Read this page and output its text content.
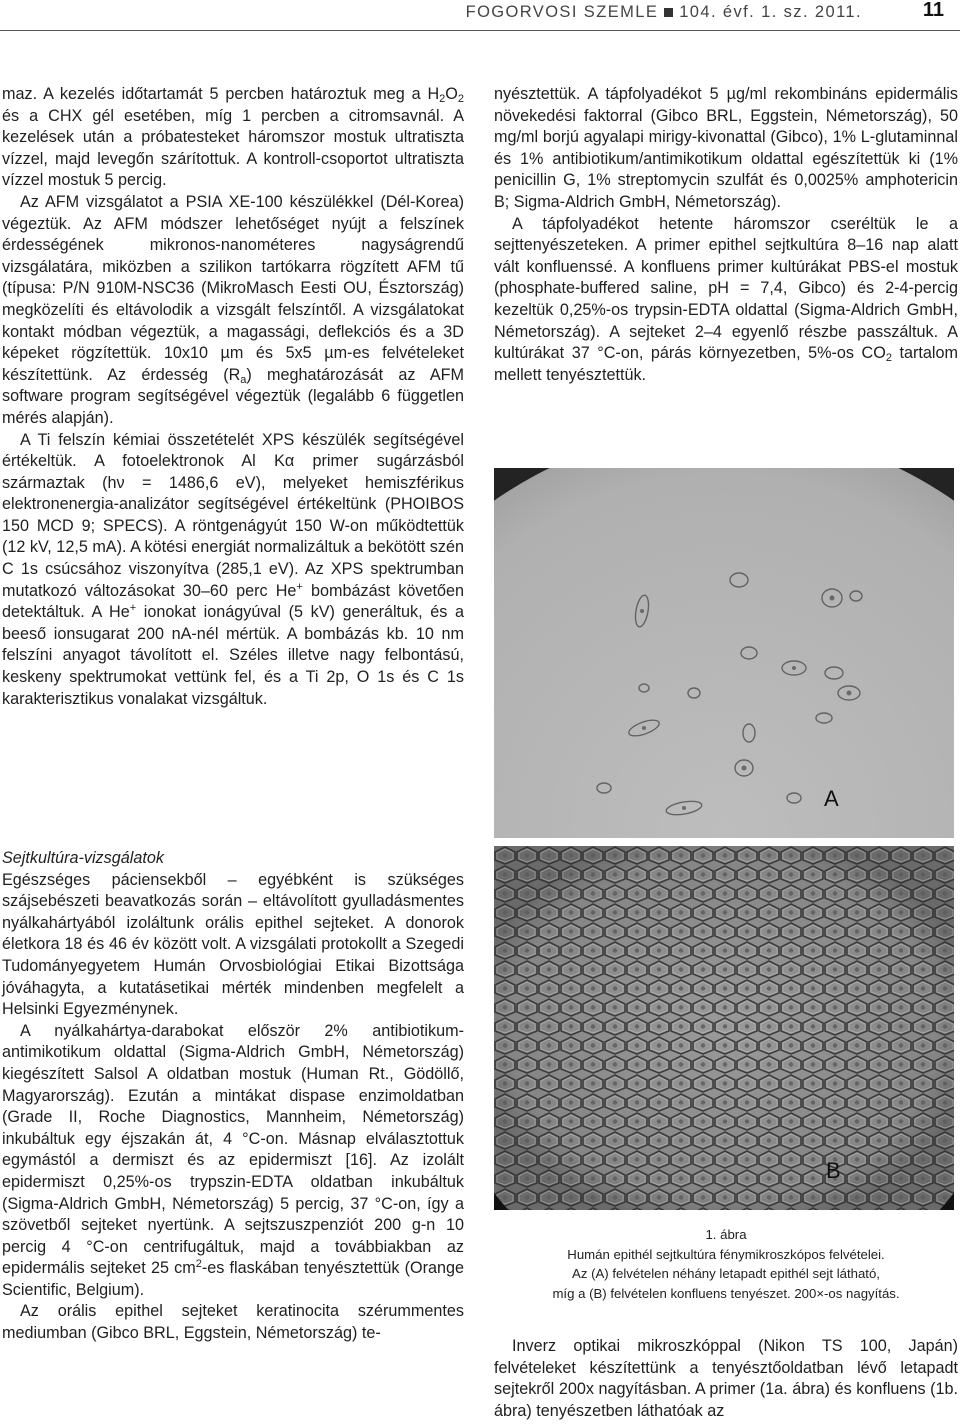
FOGORVOSI SZEMLE 104. évf. 1. sz. 2011.	11

maz. A kezelés időtartamát 5 percben határoztuk meg a $H_2O_2$ és a CHX gél esetében, míg 1 percben a citromsavnál. A kezelések után a próbatesteket háromszor mostuk ultratiszta vízzel, majd levegőn szárítottuk. A kontroll-csoportot ultratiszta vízzel mostuk 5 percig.

Az AFM vizsgálatot a PSIA XE-100 készülékkel (Dél-Korea) végeztük. Az AFM módszer lehetőséget nyújt a felszínek érdességének mikronos-nanométeres nagyságrendű vizsgálatára, miközben a szilikon tartókarra rögzített AFM tű (típusa: P/N 910M-NSC36 (MikroMasch Eesti OU, Észtország) megközelíti és eltávolodik a vizsgált felszíntől. A vizsgálatokat kontakt módban végeztük, a magassági, deflekciós és a 3D képeket rögzítettük. 10x10 µm és 5x5 µm-es felvételeket készítettünk. Az érdesség $(R_a)$ meghatározását az AFM software program segítségével végeztük (legalább 6 független mérés alapján).

A Ti felszín kémiai összetételét XPS készülék segítségével értékeltük. A fotoelektronok Al Kα primer sugárzásból származtak (hν = 1486,6 eV), melyeket hemiszférikus elektronenergia-analizátor segítségével értékeltünk (PHOIBOS 150 MCD 9; SPECS). A röntgenágyút 150 W-on működtettük (12 kV, 12,5 mA). A kötési energiát normalizáltuk a bekötött szén C 1s csúcsához viszonyítva (285,1 eV). Az XPS spektrumban mutatkozó változásokat 30–60 perc He+ bombázást követően detektáltuk. A He+ ionokat ionágyúval (5 kV) generáltuk, és a beeső ionsugarat 200 nA-nél mértük. A bombázás kb. 10 nm felszíni anyagot távolított el. Széles illetve nagy felbontású, keskeny spektrumokat vettünk fel, és a Ti 2p, O 1s és C 1s karakterisztikus vonalakat vizsgáltuk.

Sejtkultúra-vizsgálatok

Egészséges páciensekből – egyébként is szükséges szájsebészeti beavatkozás során – eltávolított gyulladásmentes nyálkahártyából izoláltunk orális epithel sejteket. A donorok életkora 18 és 46 év között volt. A vizsgálati protokollt a Szegedi Tudományegyetem Humán Orvosbiológiai Etikai Bizottsága jóváhagyta, a kutatásetikai mérték mindenben megfelelt a Helsinki Egyezménynek.

A nyálkahártya-darabokat először 2% antibiotikum-antimikotikum oldattal (Sigma-Aldrich GmbH, Németország) kiegészített Salsol A oldatban mostuk (Human Rt., Gödöllő, Magyarország). Ezután a mintákat dispase enzimoldatban (Grade II, Roche Diagnostics, Mannheim, Németország) inkubáltuk egy éjszakán át, 4 °C-on. Másnap elválasztottuk egymástól a dermiszt és az epidermiszt [16]. Az izolált epidermiszt 0,25%-os trypszin-EDTA oldatban inkubáltuk (Sigma-Aldrich GmbH, Németország) 5 percig, 37 °C-on, így a szövetből sejteket nyertünk. A sejtszuszpenziót 200 g-n 10 percig 4 °C-on centrifugáltuk, majd a továbbiakban az epidermális sejteket 25 $cm^2-es$ flaskában tenyésztettük (Orange Scientific, Belgium).

Az orális epithel sejteket keratinocita szérummentes mediumban (Gibco BRL, Eggstein, Németország) te-

nyésztettük. A tápfolyadékot 5 µg/ml rekombináns epidermális növekedési faktorral (Gibco BRL, Eggstein, Németország), 50 mg/ml borjú agyalapi mirigy-kivonattal (Gibco), 1% L-glutaminnal és 1% antibiotikum/antimikotikum oldattal egészítettük ki (1% penicillin G, 1% streptomycin szulfát és 0,0025% amphotericin B; Sigma-Aldrich GmbH, Németország).

A tápfolyadékot hetente háromszor cseréltük le a sejttenyészeteken. A primer epithel sejtkultúra 8–16 nap alatt vált konfluenssé. A konfluens primer kultúrákat PBS-el mostuk (phosphate-buffered saline, pH = 7,4, Gibco) és 2-4-percig kezeltük 0,25%-os trypsin-EDTA oldattal (Sigma-Aldrich GmbH, Németország). A sejteket 2–4 egyenlő részbe passzáltuk. A kultúrákat 37 °C-on, párás környezetben, 5%-os $CO_2$ tartalom mellett tenyésztettük.

A
B
1. ábra
Humán epithél sejtkultúra fénymikroszkópos felvételei.
Az (A) felvételen néhány letapadt epithél sejt látható,
míg a (B) felvételen konfluens tenyészet. 200×-os nagyítás.

Inverz optikai mikroszkóppal (Nikon TS 100, Japán) felvételeket készítettünk a tenyésztőoldatban lévő letapadt sejtekről 200x nagyításban. A primer (1a. ábra) és konfluens (1b. ábra) tenyészetben láthatóak az
